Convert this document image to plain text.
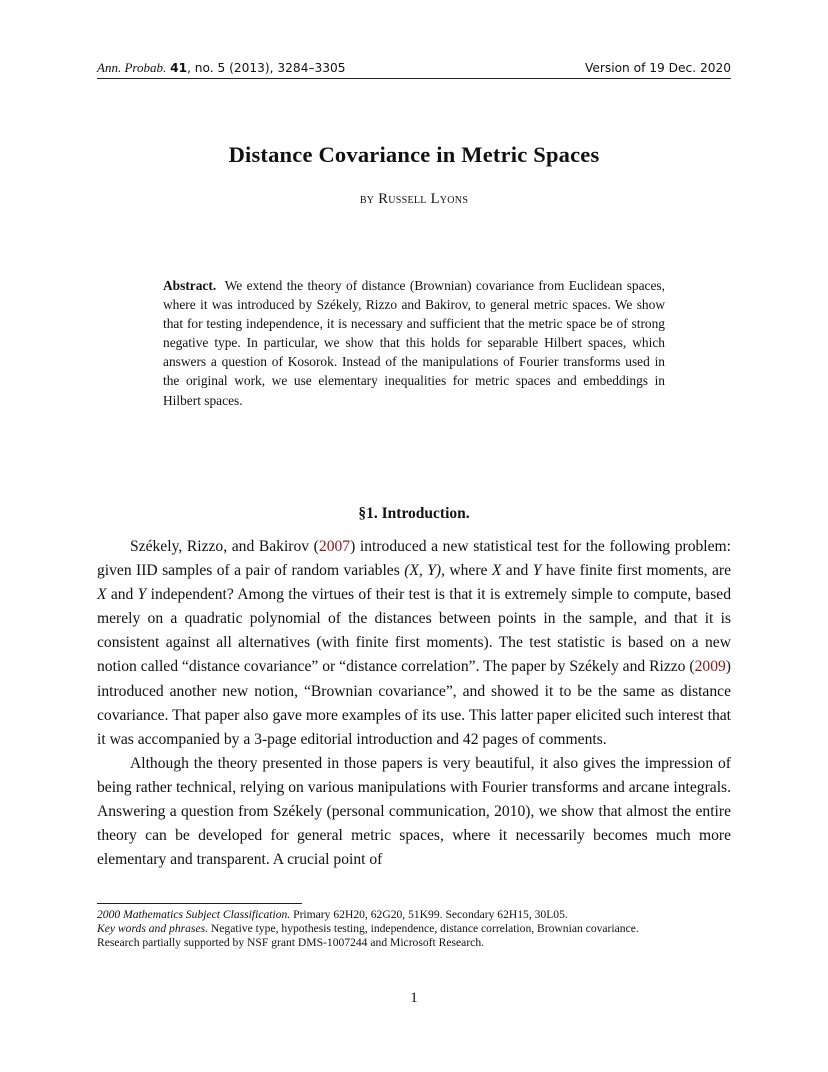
Ann. Probab. 41, no. 5 (2013), 3284–3305	Version of 19 Dec. 2020
Distance Covariance in Metric Spaces
by Russell Lyons
Abstract. We extend the theory of distance (Brownian) covariance from Euclidean spaces, where it was introduced by Székely, Rizzo and Bakirov, to general metric spaces. We show that for testing independence, it is necessary and sufficient that the metric space be of strong negative type. In particular, we show that this holds for separable Hilbert spaces, which answers a question of Kosorok. Instead of the manipulations of Fourier transforms used in the original work, we use elementary inequalities for metric spaces and embeddings in Hilbert spaces.
§1. Introduction.

Székely, Rizzo, and Bakirov (2007) introduced a new statistical test for the following problem: given IID samples of a pair of random variables (X, Y), where X and Y have finite first moments, are X and Y independent? Among the virtues of their test is that it is extremely simple to compute, based merely on a quadratic polynomial of the distances between points in the sample, and that it is consistent against all alternatives (with finite first moments). The test statistic is based on a new notion called “distance covariance” or “distance correlation”. The paper by Székely and Rizzo (2009) introduced another new notion, “Brownian covariance”, and showed it to be the same as distance covariance. That paper also gave more examples of its use. This latter paper elicited such interest that it was accompanied by a 3-page editorial introduction and 42 pages of comments.

Although the theory presented in those papers is very beautiful, it also gives the impression of being rather technical, relying on various manipulations with Fourier transforms and arcane integrals. Answering a question from Székely (personal communication, 2010), we show that almost the entire theory can be developed for general metric spaces, where it necessarily becomes much more elementary and transparent. A crucial point of

2000 Mathematics Subject Classification. Primary 62H20, 62G20, 51K99. Secondary 62H15, 30L05.
Key words and phrases. Negative type, hypothesis testing, independence, distance correlation, Brownian covariance.
Research partially supported by NSF grant DMS-1007244 and Microsoft Research.
1
